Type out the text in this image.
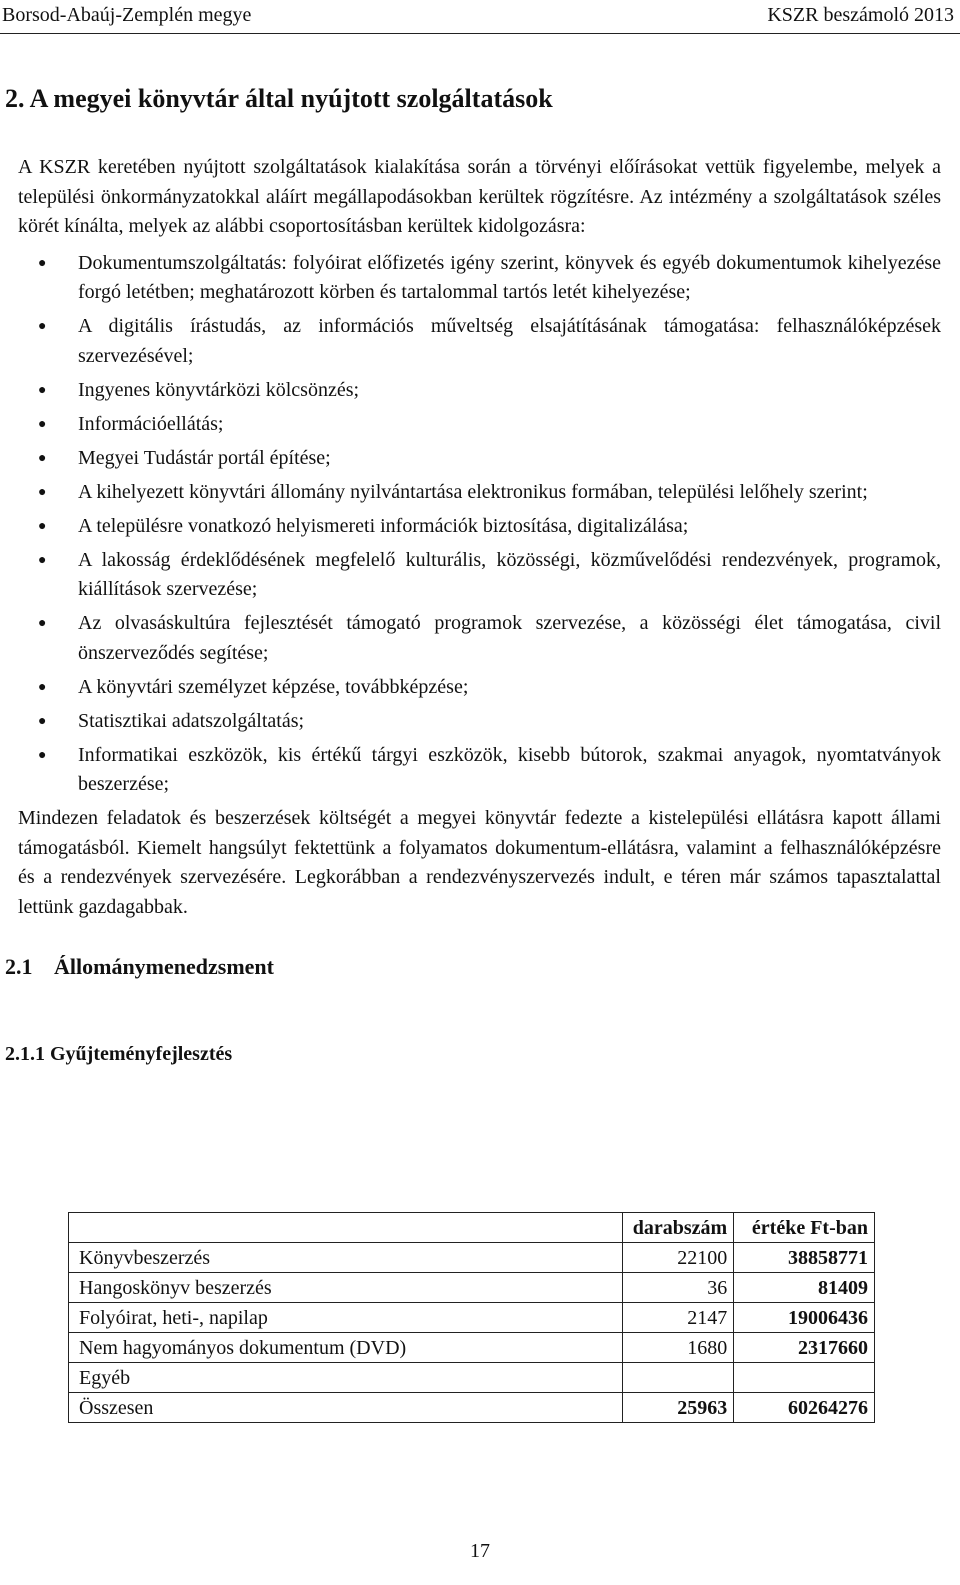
Borsod-Abaúj-Zemplén megye	KSZR beszámoló 2013
2. A megyei könyvtár által nyújtott szolgáltatások

A KSZR keretében nyújtott szolgáltatások kialakítása során a törvényi előírásokat vettük figyelembe, melyek a települési önkormányzatokkal aláírt megállapodásokban kerültek rögzítésre. Az intézmény a szolgáltatások széles körét kínálta, melyek az alábbi csoportosításban kerültek kidolgozásra:

● Dokumentumszolgáltatás: folyóirat előfizetés igény szerint, könyvek és egyéb dokumentumok kihelyezése forgó letétben; meghatározott körben és tartalommal tartós letét kihelyezése;
● A digitális írástudás, az információs műveltség elsajátításának támogatása: felhasználóképzések szervezésével;
● Ingyenes könyvtárközi kölcsönzés;
● Információellátás;
● Megyei Tudástár portál építése;
● A kihelyezett könyvtári állomány nyilvántartása elektronikus formában, települési lelőhely szerint;
● A településre vonatkozó helyismereti információk biztosítása, digitalizálása;
● A lakosság érdeklődésének megfelelő kulturális, közösségi, közművelődési rendezvények, programok, kiállítások szervezése;
● Az olvasáskultúra fejlesztését támogató programok szervezése, a közösségi élet támogatása, civil önszerveződés segítése;
● A könyvtári személyzet képzése, továbbképzése;
● Statisztikai adatszolgáltatás;
● Informatikai eszközök, kis értékű tárgyi eszközök, kisebb bútorok, szakmai anyagok, nyomtatványok beszerzése;

Mindezen feladatok és beszerzések költségét a megyei könyvtár fedezte a kistelepülési ellátásra kapott állami támogatásból. Kiemelt hangsúlyt fektettünk a folyamatos dokumentum-ellátásra, valamint a felhasználóképzésre és a rendezvények szervezésére. Legkorábban a rendezvényszervezés indult, e téren már számos tapasztalattal lettünk gazdagabbak.

2.1 Állománymenedzsment
2.1.1 Gyűjteményfejlesztés
	darabszám	értéke Ft-ban
Könyvbeszerzés	22100	38858771
Hangoskönyv beszerzés	36	81409
Folyóirat, heti-, napilap	2147	19006436
Nem hagyományos dokumentum (DVD)	1680	2317660
Egyéb		
Összesen	25963	60264276
17
